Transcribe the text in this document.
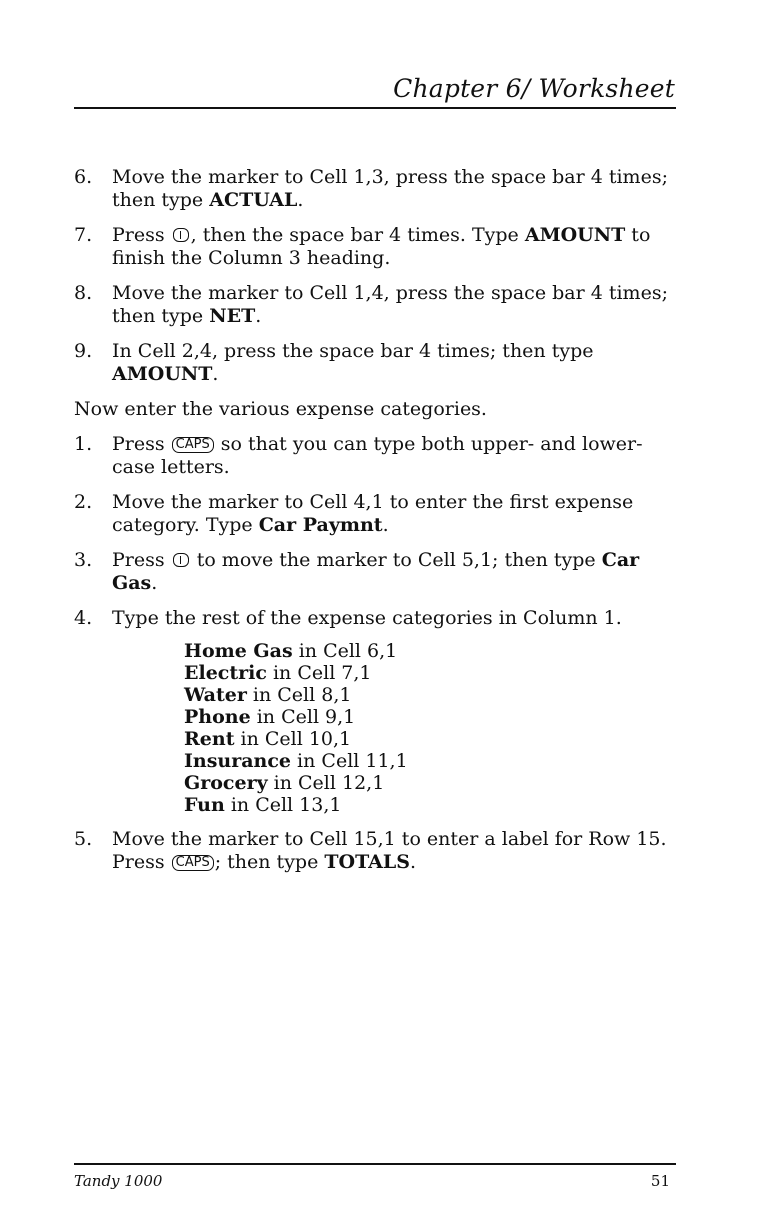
Chapter 6/ Worksheet
6. Move the marker to Cell 1,3, press the space bar 4 times; then type ACTUAL.
7. Press , then the space bar 4 times. Type AMOUNT to finish the Column 3 heading.
8. Move the marker to Cell 1,4, press the space bar 4 times; then type NET.
9. In Cell 2,4, press the space bar 4 times; then type AMOUNT.
Now enter the various expense categories.
1. Press CAPS so that you can type both upper- and lower-case letters.
2. Move the marker to Cell 4,1 to enter the first expense category. Type Car Paymnt.
3. Press  to move the marker to Cell 5,1; then type Car Gas.
4. Type the rest of the expense categories in Column 1.
Home Gas in Cell 6,1
Electric in Cell 7,1
Water in Cell 8,1
Phone in Cell 9,1
Rent in Cell 10,1
Insurance in Cell 11,1
Grocery in Cell 12,1
Fun in Cell 13,1
5. Move the marker to Cell 15,1 to enter a label for Row 15. Press CAPS ; then type TOTALS.
Tandy 1000	51
